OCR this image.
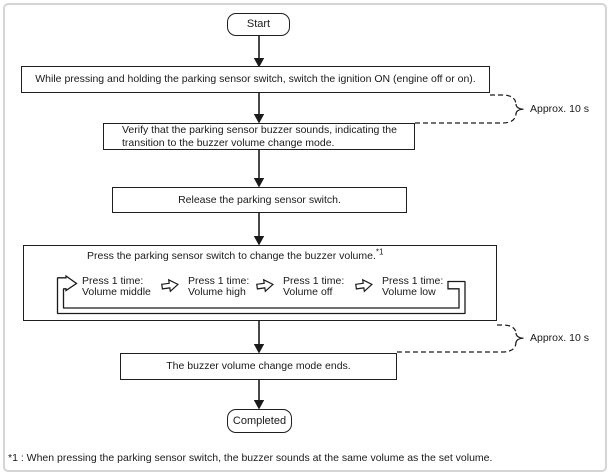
Start
While pressing and holding the parking sensor switch, switch the ignition ON (engine off or on).
Verify that the parking sensor buzzer sounds, indicating the
transition to the buzzer volume change mode.
Release the parking sensor switch.
The buzzer volume change mode ends.
Completed
Press the parking sensor switch to change the buzzer volume.$^{*1}$
Press 1 time:
Volume middle
Press 1 time:
Volume high
Press 1 time:
Volume off
Press 1 time:
Volume low
Approx. 10 s
Approx. 10 s
*1 : When pressing the parking sensor switch, the buzzer sounds at the same volume as the set volume.
